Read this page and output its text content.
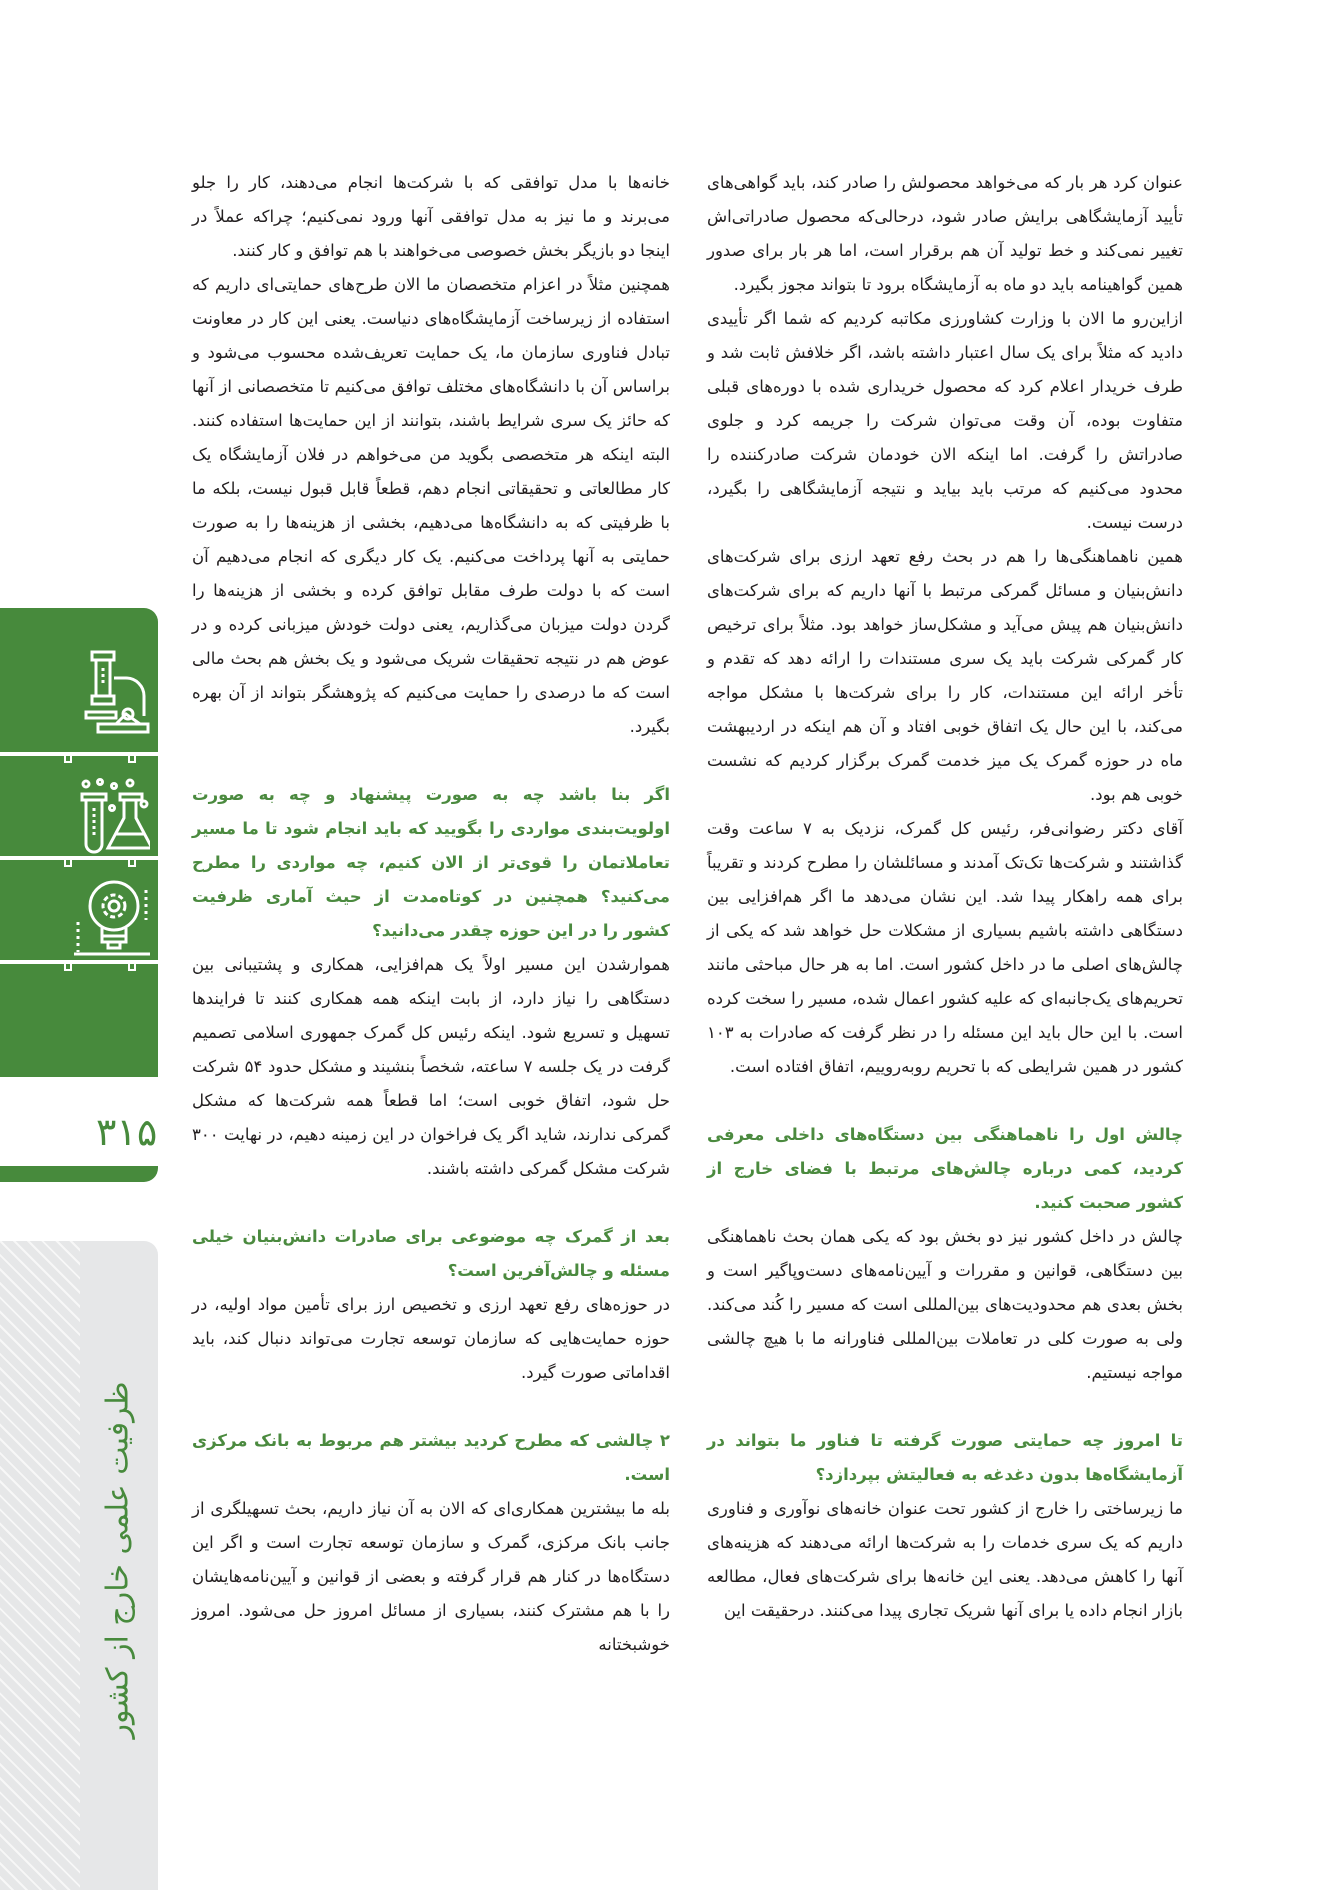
فرهیختگان
۳۱۵
ظرفیت علمی خارج از کشور

عنوان کرد هر بار که می‌خواهد محصولش را صادر کند، باید گواهی‌های تأیید آزمایشگاهی برایش صادر شود، درحالی‌که محصول صادراتی‌اش تغییر نمی‌کند و خط تولید آن هم برقرار است، اما هر بار برای صدور همین گواهینامه باید دو ماه به آزمایشگاه برود تا بتواند مجوز بگیرد.

ازاین‌رو ما الان با وزارت کشاورزی مکاتبه کردیم که شما اگر تأییدی دادید که مثلاً برای یک سال اعتبار داشته باشد، اگر خلافش ثابت شد و طرف خریدار اعلام کرد که محصول خریداری شده با دوره‌های قبلی متفاوت بوده، آن وقت می‌توان شرکت را جریمه کرد و جلوی صادراتش را گرفت. اما اینکه الان خودمان شرکت صادرکننده را محدود می‌کنیم که مرتب باید بیاید و نتیجه آزمایشگاهی را بگیرد، درست نیست.

همین ناهماهنگی‌ها را هم در بحث رفع تعهد ارزی برای شرکت‌های دانش‌بنیان و مسائل گمرکی مرتبط با آنها داریم که برای شرکت‌های دانش‌بنیان هم پیش می‌آید و مشکل‌ساز خواهد بود. مثلاً برای ترخیص کار گمرکی شرکت باید یک سری مستندات را ارائه دهد که تقدم و تأخر ارائه این مستندات، کار را برای شرکت‌ها با مشکل مواجه می‌کند، با این حال یک اتفاق خوبی افتاد و آن هم اینکه در اردیبهشت ماه در حوزه گمرک یک میز خدمت گمرک برگزار کردیم که نشست خوبی هم بود.

آقای دکتر رضوانی‌فر، رئیس کل گمرک، نزدیک به ۷ ساعت وقت گذاشتند و شرکت‌ها تک‌تک آمدند و مسائلشان را مطرح کردند و تقریباً برای همه راهکار پیدا شد. این نشان می‌دهد ما اگر هم‌افزایی بین دستگاهی داشته باشیم بسیاری از مشکلات حل خواهد شد که یکی از چالش‌های اصلی ما در داخل کشور است. اما به هر حال مباحثی مانند تحریم‌های یک‌جانبه‌ای که علیه کشور اعمال شده، مسیر را سخت کرده است. با این حال باید این مسئله را در نظر گرفت که صادرات به ۱۰۳ کشور در همین شرایطی که با تحریم روبه‌روییم، اتفاق افتاده است.

چالش اول را ناهماهنگی بین دستگاه‌های داخلی معرفی کردید، کمی درباره چالش‌های مرتبط با فضای خارج از کشور صحبت کنید.

چالش در داخل کشور نیز دو بخش بود که یکی همان بحث ناهماهنگی بین دستگاهی، قوانین و مقررات و آیین‌نامه‌های دست‌وپاگیر است و بخش بعدی هم محدودیت‌های بین‌المللی است که مسیر را کُند می‌کند. ولی به صورت کلی در تعاملات بین‌المللی فناورانه ما با هیچ چالشی مواجه نیستیم.

تا امروز چه حمایتی صورت گرفته تا فناور ما بتواند در آزمایشگاه‌ها بدون دغدغه به فعالیتش بپردازد؟

ما زیرساختی را خارج از کشور تحت عنوان خانه‌های نوآوری و فناوری داریم که یک سری خدمات را به شرکت‌ها ارائه می‌دهند که هزینه‌های آنها را کاهش می‌دهد. یعنی این خانه‌ها برای شرکت‌های فعال، مطالعه بازار انجام داده یا برای آنها شریک تجاری پیدا می‌کنند. درحقیقت این

خانه‌ها با مدل توافقی که با شرکت‌ها انجام می‌دهند، کار را جلو می‌برند و ما نیز به مدل توافقی آنها ورود نمی‌کنیم؛ چراکه عملاً در اینجا دو بازیگر بخش خصوصی می‌خواهند با هم توافق و کار کنند.

همچنین مثلاً در اعزام متخصصان ما الان طرح‌های حمایتی‌ای داریم که استفاده از زیرساخت آزمایشگاه‌های دنیاست. یعنی این کار در معاونت تبادل فناوری سازمان ما، یک حمایت تعریف‌شده محسوب می‌شود و براساس آن با دانشگاه‌های مختلف توافق می‌کنیم تا متخصصانی از آنها که حائز یک سری شرایط باشند، بتوانند از این حمایت‌ها استفاده کنند. البته اینکه هر متخصصی بگوید من می‌خواهم در فلان آزمایشگاه یک کار مطالعاتی و تحقیقاتی انجام دهم، قطعاً قابل قبول نیست، بلکه ما با ظرفیتی که به دانشگاه‌ها می‌دهیم، بخشی از هزینه‌ها را به صورت حمایتی به آنها پرداخت می‌کنیم. یک کار دیگری که انجام می‌دهیم آن است که با دولت طرف مقابل توافق کرده و بخشی از هزینه‌ها را گردن دولت میزبان می‌گذاریم، یعنی دولت خودش میزبانی کرده و در عوض هم در نتیجه تحقیقات شریک می‌شود و یک بخش هم بحث مالی است که ما درصدی را حمایت می‌کنیم که پژوهشگر بتواند از آن بهره بگیرد.

اگر بنا باشد چه به صورت پیشنهاد و چه به صورت اولویت‌بندی مواردی را بگویید که باید انجام شود تا ما مسیر تعاملاتمان را قوی‌تر از الان کنیم، چه مواردی را مطرح می‌کنید؟ همچنین در کوتاه‌مدت از حیث آماری ظرفیت کشور را در این حوزه چقدر می‌دانید؟

هموارشدن این مسیر اولاً یک هم‌افزایی، همکاری و پشتیبانی بین دستگاهی را نیاز دارد، از بابت اینکه همه همکاری کنند تا فرایندها تسهیل و تسریع شود. اینکه رئیس کل گمرک جمهوری اسلامی تصمیم گرفت در یک جلسه ۷ ساعته، شخصاً بنشیند و مشکل حدود ۵۴ شرکت حل شود، اتفاق خوبی است؛ اما قطعاً همه شرکت‌ها که مشکل گمرکی ندارند، شاید اگر یک فراخوان در این زمینه دهیم، در نهایت ۳۰۰ شرکت مشکل گمرکی داشته باشند.

بعد از گمرک چه موضوعی برای صادرات دانش‌بنیان خیلی مسئله و چالش‌آفرین است؟

در حوزه‌های رفع تعهد ارزی و تخصیص ارز برای تأمین مواد اولیه، در حوزه حمایت‌هایی که سازمان توسعه تجارت می‌تواند دنبال کند، باید اقداماتی صورت گیرد.

۲ چالشی که مطرح کردید بیشتر هم مربوط به بانک مرکزی است.

بله ما بیشترین همکاری‌ای که الان به آن نیاز داریم، بحث تسهیلگری از جانب بانک مرکزی، گمرک و سازمان توسعه تجارت است و اگر این دستگاه‌ها در کنار هم قرار گرفته و بعضی از قوانین و آیین‌نامه‌هایشان را با هم مشترک کنند، بسیاری از مسائل امروز حل می‌شود. امروز خوشبختانه
